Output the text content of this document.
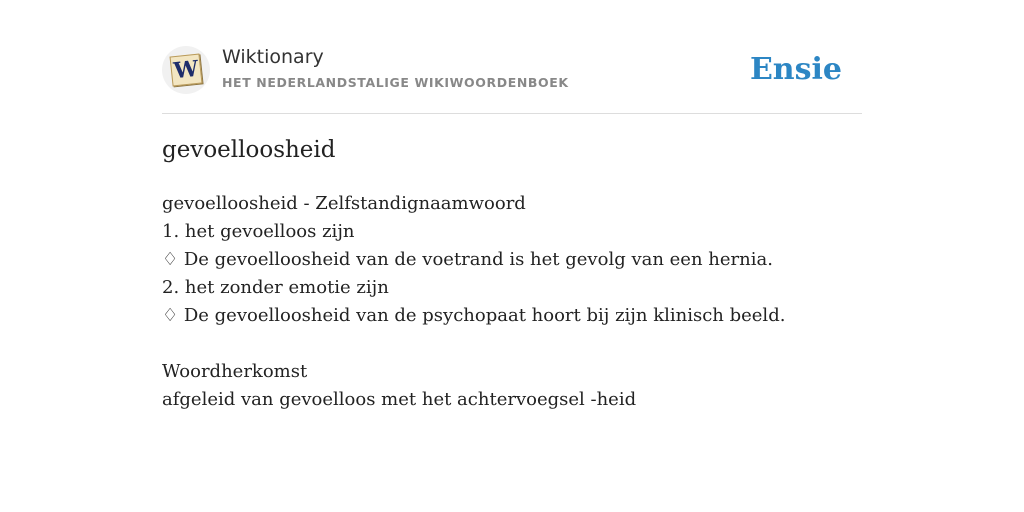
W Wiktionary
HET NEDERLANDSTALIGE WIKIWOORDENBOEK	Ensie
gevoelloosheid
gevoelloosheid - Zelfstandignaamwoord
1. het gevoelloos zijn
♢ De gevoelloosheid van de voetrand is het gevolg van een hernia.
2. het zonder emotie zijn
♢ De gevoelloosheid van de psychopaat hoort bij zijn klinisch beeld.
Woordherkomst
afgeleid van gevoelloos met het achtervoegsel -heid
